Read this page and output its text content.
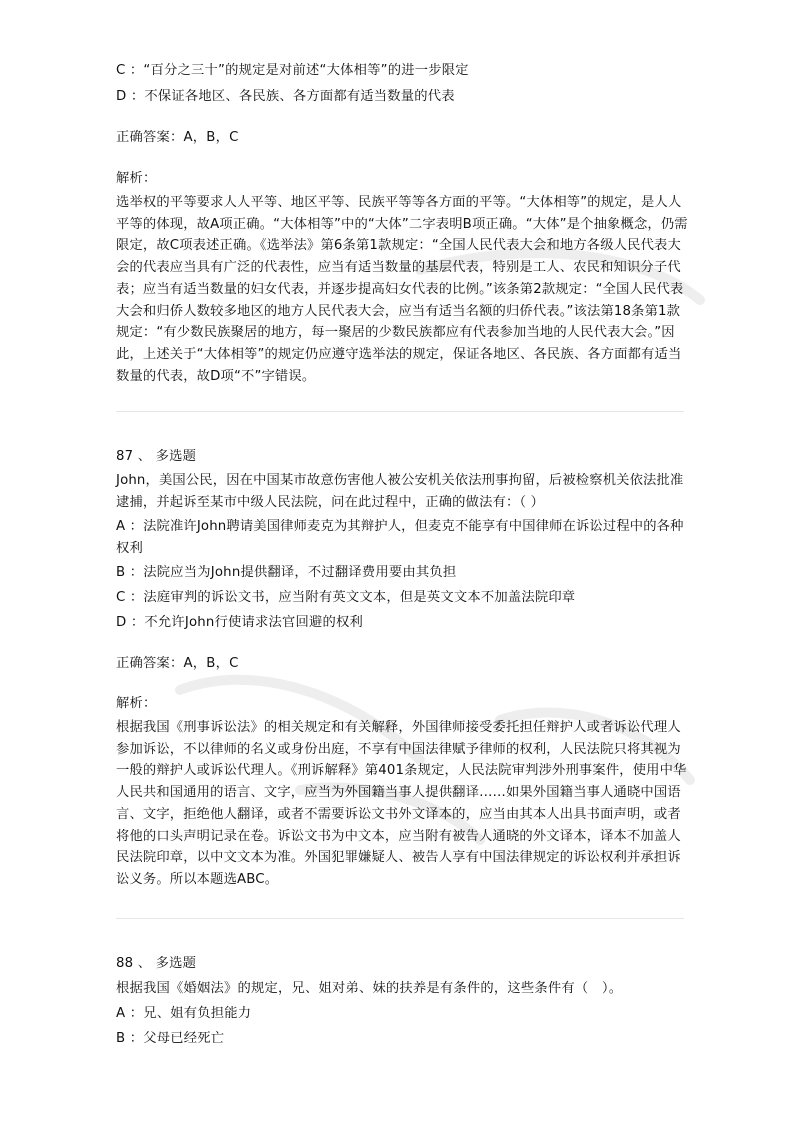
C ：“百分之三十”的规定是对前述“大体相等”的进一步限定
D ：不保证各地区、各民族、各方面都有适当数量的代表
正确答案：A，B，C
解析：
选举权的平等要求人人平等、地区平等、民族平等等各方面的平等。“大体相等”的规定，是人人平等的体现，故A项正确。“大体相等”中的“大体”二字表明B项正确。“大体”是个抽象概念，仍需限定，故C项表述正确。《选举法》第6条第1款规定：“全国人民代表大会和地方各级人民代表大会的代表应当具有广泛的代表性，应当有适当数量的基层代表，特别是工人、农民和知识分子代表；应当有适当数量的妇女代表，并逐步提高妇女代表的比例。”该条第2款规定：“全国人民代表大会和归侨人数较多地区的地方人民代表大会，应当有适当名额的归侨代表。”该法第18条第1款规定：“有少数民族聚居的地方，每一聚居的少数民族都应有代表参加当地的人民代表大会。”因此，上述关于“大体相等”的规定仍应遵守选举法的规定，保证各地区、各民族、各方面都有适当数量的代表，故D项“不”字错误。
87 、 多选题
John，美国公民，因在中国某市故意伤害他人被公安机关依法刑事拘留，后被检察机关依法批准逮捕，并起诉至某市中级人民法院，问在此过程中，正确的做法有：（ ）
A ：法院准许John聘请美国律师麦克为其辩护人，但麦克不能享有中国律师在诉讼过程中的各种权利
B ：法院应当为John提供翻译，不过翻译费用要由其负担
C ：法庭审判的诉讼文书，应当附有英文文本，但是英文文本不加盖法院印章
D ：不允许John行使请求法官回避的权利
正确答案：A，B，C
解析：
根据我国《刑事诉讼法》的相关规定和有关解释，外国律师接受委托担任辩护人或者诉讼代理人参加诉讼，不以律师的名义或身份出庭，不享有中国法律赋予律师的权利，人民法院只将其视为一般的辩护人或诉讼代理人。《刑诉解释》第401条规定，人民法院审判涉外刑事案件，使用中华人民共和国通用的语言、文字，应当为外国籍当事人提供翻译……如果外国籍当事人通晓中国语言、文字，拒绝他人翻译，或者不需要诉讼文书外文译本的，应当由其本人出具书面声明，或者将他的口头声明记录在卷。诉讼文书为中文本，应当附有被告人通晓的外文译本，译本不加盖人民法院印章，以中文文本为准。外国犯罪嫌疑人、被告人享有中国法律规定的诉讼权利并承担诉讼义务。所以本题选ABC。
88 、 多选题
根据我国《婚姻法》的规定，兄、姐对弟、妹的扶养是有条件的，这些条件有（　）。
A ：兄、姐有负担能力
B ：父母已经死亡
